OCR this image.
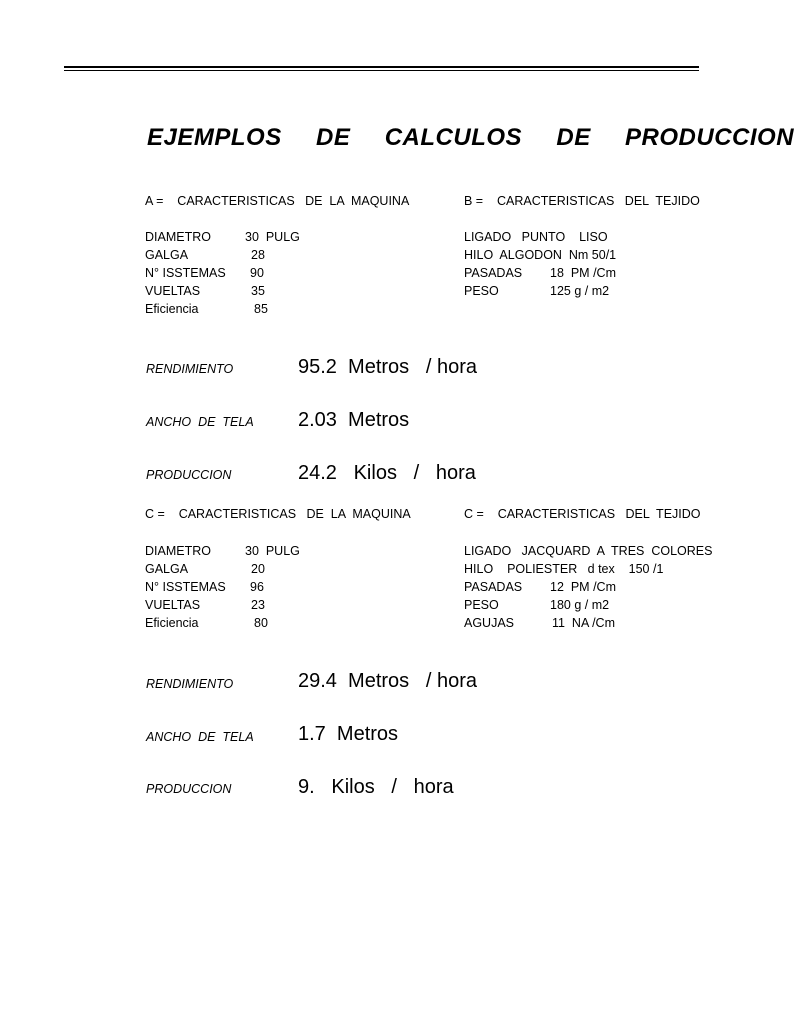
EJEMPLOS  DE  CALCULOS  DE  PRODUCCION
A =    CARACTERISTICAS   DE  LA  MAQUINA	B =    CARACTERISTICAS   DEL  TEJIDO
DIAMETRO	30  PULG
GALGA	28
N° ISSTEMAS 90
VUELTAS	35
Eficiencia	85
LIGADO   PUNTO    LISO
HILO  ALGODON  Nm 50/1
PASADAS 18  PM /Cm
PESO	125 g / m2
RENDIMIENTO	95.2  Metros   / hora
ANCHO  DE  TELA 2.03  Metros
PRODUCCION	24.2   Kilos   /   hora
C =    CARACTERISTICAS   DE  LA  MAQUINA	C =    CARACTERISTICAS   DEL  TEJIDO
DIAMETRO	30  PULG
GALGA	20
N° ISSTEMAS 96
VUELTAS	23
Eficiencia	80
LIGADO   JACQUARD  A  TRES  COLORES
HILO    POLIESTER   d tex    150 /1
PASADAS 12  PM /Cm
PESO	180 g / m2
AGUJAS	11  NA /Cm
RENDIMIENTO	29.4  Metros   / hora
ANCHO  DE  TELA 1.7  Metros
PRODUCCION	9.   Kilos   /   hora
